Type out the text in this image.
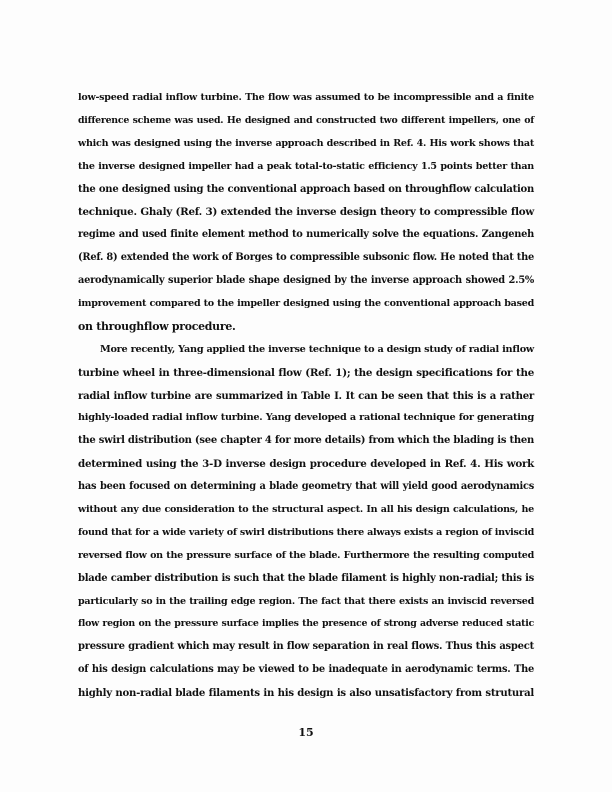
low-speed radial inflow turbine. The flow was assumed to be incompressible and a finite
difference scheme was used. He designed and constructed two different impellers, one of
which was designed using the inverse approach described in Ref. 4. His work shows that
the inverse designed impeller had a peak total-to-static efficiency 1.5 points better than
the one designed using the conventional approach based on throughflow calculation
technique. Ghaly (Ref. 3) extended the inverse design theory to compressible flow
regime and used finite element method to numerically solve the equations. Zangeneh
(Ref. 8) extended the work of Borges to compressible subsonic flow. He noted that the
aerodynamically superior blade shape designed by the inverse approach showed 2.5%
improvement compared to the impeller designed using the conventional approach based
on throughflow procedure.
More recently, Yang applied the inverse technique to a design study of radial inflow
turbine wheel in three-dimensional flow (Ref. 1); the design specifications for the
radial inflow turbine are summarized in Table I. It can be seen that this is a rather
highly-loaded radial inflow turbine. Yang developed a rational technique for generating
the swirl distribution (see chapter 4 for more details) from which the blading is then
determined using the 3-D inverse design procedure developed in Ref. 4. His work
has been focused on determining a blade geometry that will yield good aerodynamics
without any due consideration to the structural aspect. In all his design calculations, he
found that for a wide variety of swirl distributions there always exists a region of inviscid
reversed flow on the pressure surface of the blade. Furthermore the resulting computed
blade camber distribution is such that the blade filament is highly non-radial; this is
particularly so in the trailing edge region. The fact that there exists an inviscid reversed
flow region on the pressure surface implies the presence of strong adverse reduced static
pressure gradient which may result in flow separation in real flows. Thus this aspect
of his design calculations may be viewed to be inadequate in aerodynamic terms. The
highly non-radial blade filaments in his design is also unsatisfactory from strutural
15
